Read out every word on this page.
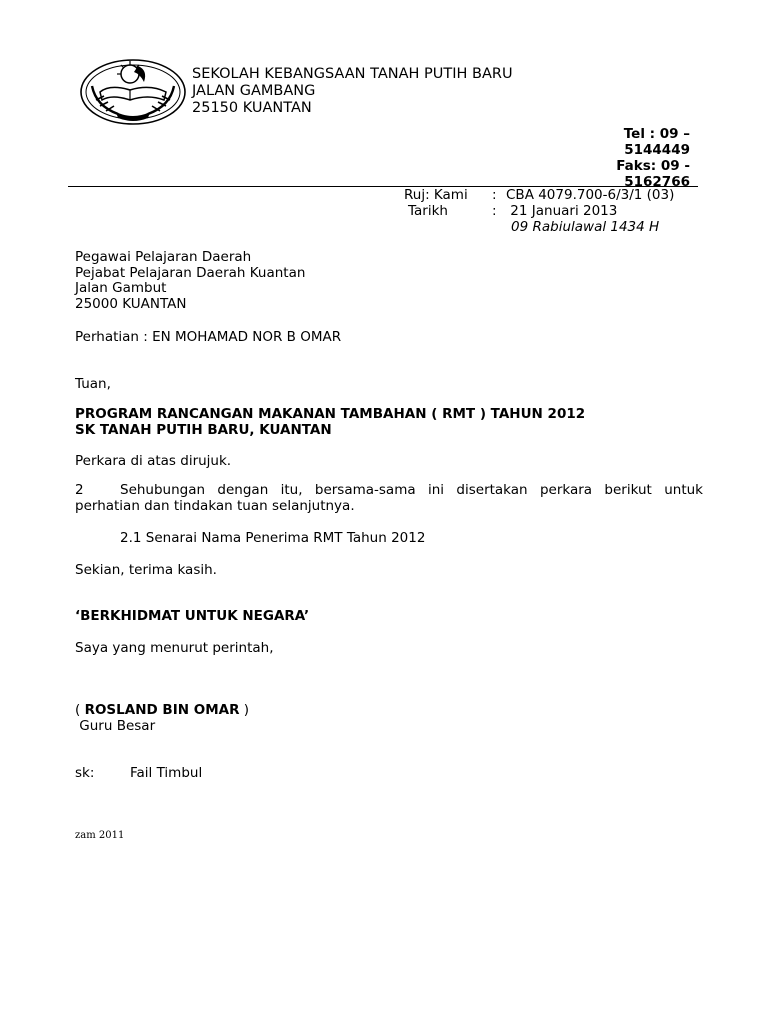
SEKOLAH KEBANGSAAN TANAH PUTIH BARU
JALAN GAMBANG
25150 KUANTAN
Tel : 09 –
5144449
Faks: 09 -
5162766
Ruj: Kami : CBA 4079.700-6/3/1 (03)
Tarikh	: 21 Januari 2013
09 Rabiulawal 1434 H
Pegawai Pelajaran Daerah
Pejabat Pelajaran Daerah Kuantan
Jalan Gambut
25000 KUANTAN
Perhatian : EN MOHAMAD NOR B OMAR
Tuan,
PROGRAM RANCANGAN MAKANAN TAMBAHAN ( RMT ) TAHUN 2012
SK TANAH PUTIH BARU, KUANTAN
Perkara di atas dirujuk.
2	Sehubungan dengan itu, bersama-sama ini disertakan perkara berikut untuk perhatian dan tindakan tuan selanjutnya.
2.1 Senarai Nama Penerima RMT Tahun 2012
Sekian, terima kasih.
‘BERKHIDMAT UNTUK NEGARA’
Saya yang menurut perintah,
( ROSLAND BIN OMAR )
Guru Besar
sk:	Fail Timbul
zam 2011
